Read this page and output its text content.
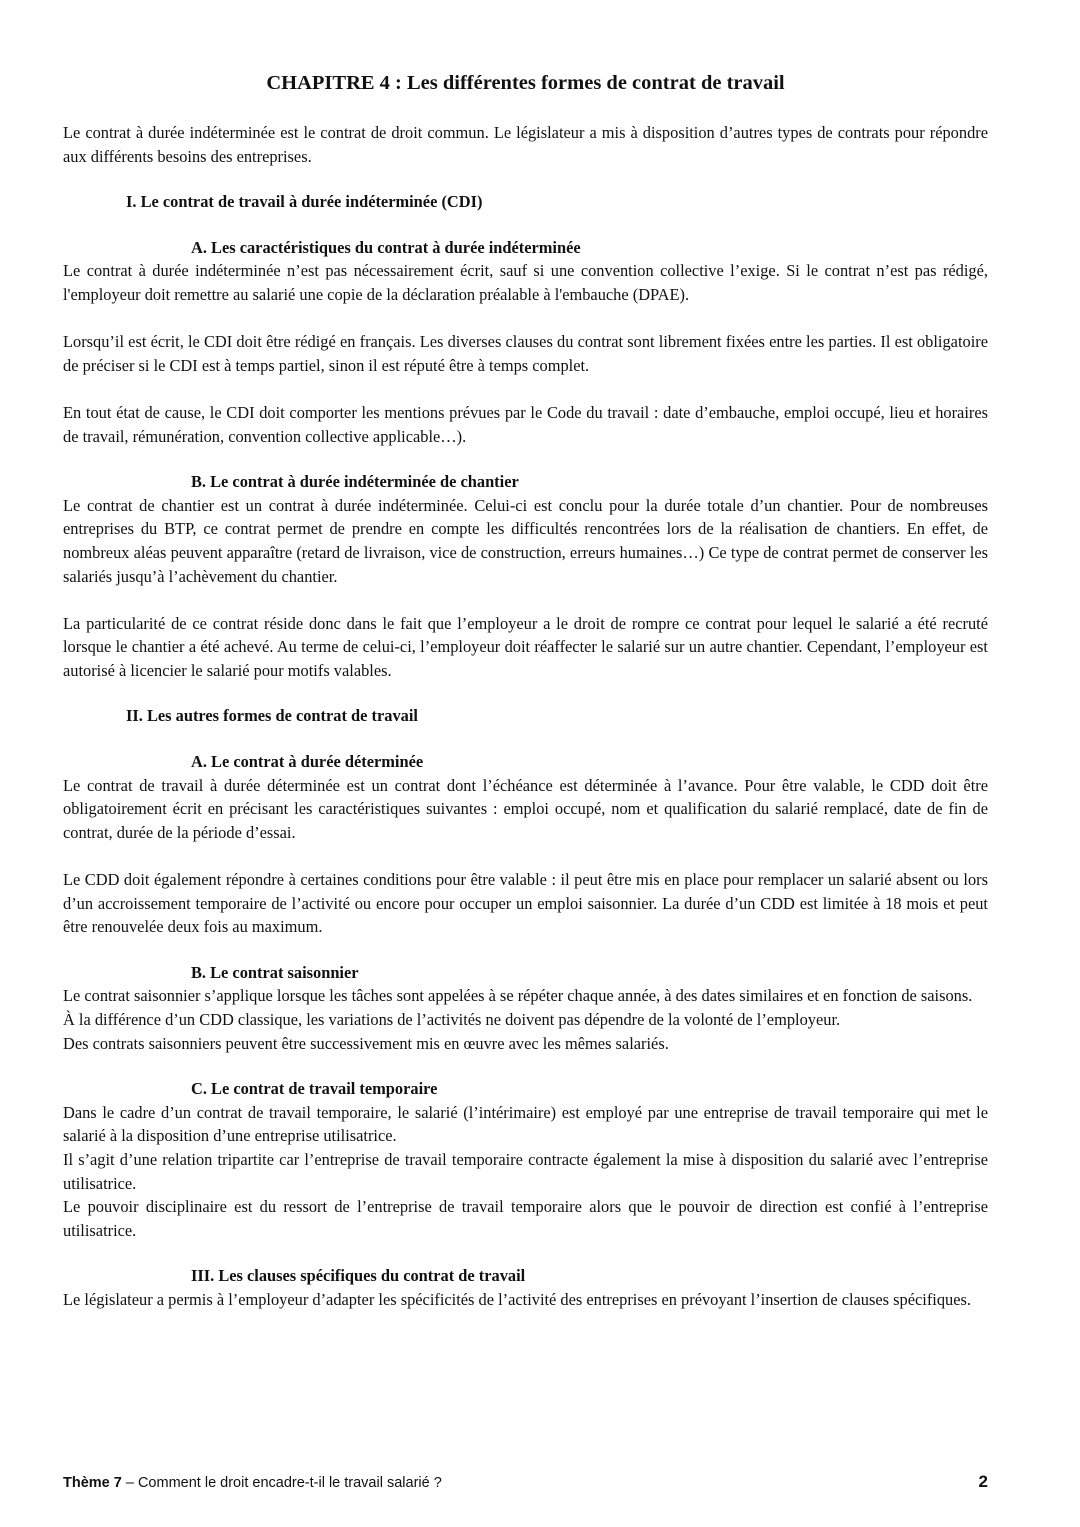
CHAPITRE 4 : Les différentes formes de contrat de travail

Le contrat à durée indéterminée est le contrat de droit commun. Le législateur a mis à disposition d’autres types de contrats pour répondre aux différents besoins des entreprises.

I. Le contrat de travail à durée indéterminée (CDI)
A. Les caractéristiques du contrat à durée indéterminée

Le contrat à durée indéterminée n’est pas nécessairement écrit, sauf si une convention collective l’exige. Si le contrat n’est pas rédigé, l'employeur doit remettre au salarié une copie de la déclaration préalable à l'embauche (DPAE).

Lorsqu’il est écrit, le CDI doit être rédigé en français. Les diverses clauses du contrat sont librement fixées entre les parties. Il est obligatoire de préciser si le CDI est à temps partiel, sinon il est réputé être à temps complet.

En tout état de cause, le CDI doit comporter les mentions prévues par le Code du travail : date d’embauche, emploi occupé, lieu et horaires de travail, rémunération, convention collective applicable…).

B. Le contrat à durée indéterminée de chantier

Le contrat de chantier est un contrat à durée indéterminée. Celui-ci est conclu pour la durée totale d’un chantier. Pour de nombreuses entreprises du BTP, ce contrat permet de prendre en compte les difficultés rencontrées lors de la réalisation de chantiers. En effet, de nombreux aléas peuvent apparaître (retard de livraison, vice de construction, erreurs humaines…) Ce type de contrat permet de conserver les salariés jusqu’à l’achèvement du chantier.

La particularité de ce contrat réside donc dans le fait que l’employeur a le droit de rompre ce contrat pour lequel le salarié a été recruté lorsque le chantier a été achevé. Au terme de celui-ci, l’employeur doit réaffecter le salarié sur un autre chantier. Cependant, l’employeur est autorisé à licencier le salarié pour motifs valables.

II. Les autres formes de contrat de travail
A. Le contrat à durée déterminée

Le contrat de travail à durée déterminée est un contrat dont l’échéance est déterminée à l’avance. Pour être valable, le CDD doit être obligatoirement écrit en précisant les caractéristiques suivantes : emploi occupé, nom et qualification du salarié remplacé, date de fin de contrat, durée de la période d’essai.

Le CDD doit également répondre à certaines conditions pour être valable : il peut être mis en place pour remplacer un salarié absent ou lors d’un accroissement temporaire de l’activité ou encore pour occuper un emploi saisonnier. La durée d’un CDD est limitée à 18 mois et peut être renouvelée deux fois au maximum.

B. Le contrat saisonnier

Le contrat saisonnier s’applique lorsque les tâches sont appelées à se répéter chaque année, à des dates similaires et en fonction de saisons.

À la différence d’un CDD classique, les variations de l’activités ne doivent pas dépendre de la volonté de l’employeur.

Des contrats saisonniers peuvent être successivement mis en œuvre avec les mêmes salariés.

C. Le contrat de travail temporaire

Dans le cadre d’un contrat de travail temporaire, le salarié (l’intérimaire) est employé par une entreprise de travail temporaire qui met le salarié à la disposition d’une entreprise utilisatrice.

Il s’agit d’une relation tripartite car l’entreprise de travail temporaire contracte également la mise à disposition du salarié avec l’entreprise utilisatrice.

Le pouvoir disciplinaire est du ressort de l’entreprise de travail temporaire alors que le pouvoir de direction est confié à l’entreprise utilisatrice.

III. Les clauses spécifiques du contrat de travail

Le législateur a permis à l’employeur d’adapter les spécificités de l’activité des entreprises en prévoyant l’insertion de clauses spécifiques.

Thème 7 – Comment le droit encadre-t-il le travail salarié ?	2
